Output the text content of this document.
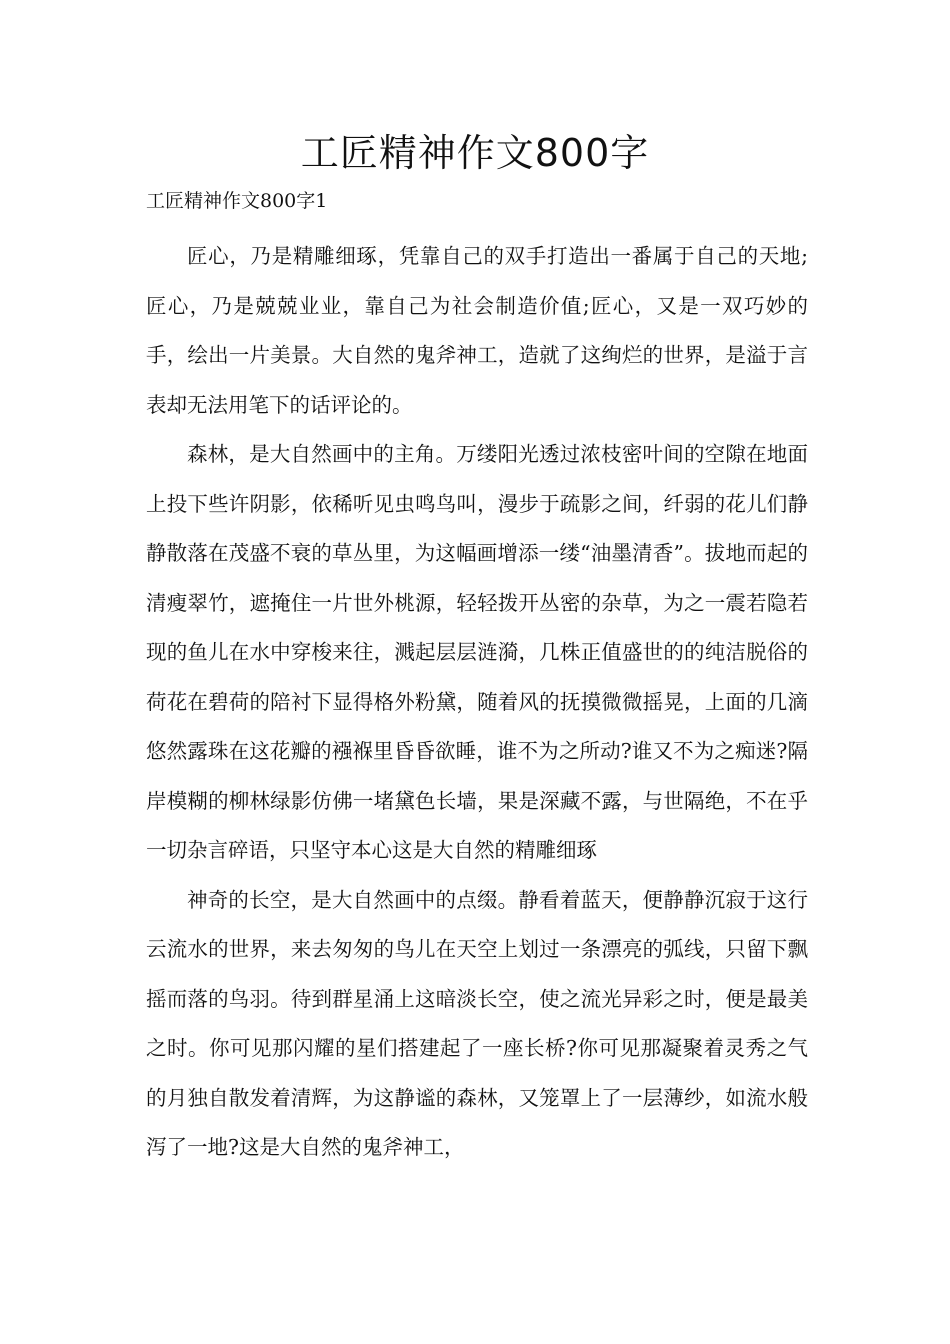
工匠精神作文800字
工匠精神作文800字1

匠心，乃是精雕细琢，凭靠自己的双手打造出一番属于自己的天地;匠心，乃是兢兢业业，靠自己为社会制造价值;匠心，又是一双巧妙的手，绘出一片美景。大自然的鬼斧神工，造就了这绚烂的世界，是溢于言表却无法用笔下的话评论的。

森林，是大自然画中的主角。万缕阳光透过浓枝密叶间的空隙在地面上投下些许阴影，依稀听见虫鸣鸟叫，漫步于疏影之间，纤弱的花儿们静静散落在茂盛不衰的草丛里，为这幅画增添一缕“油墨清香”。拔地而起的清瘦翠竹，遮掩住一片世外桃源，轻轻拨开丛密的杂草，为之一震若隐若现的鱼儿在水中穿梭来往，溅起层层涟漪，几株正值盛世的的纯洁脱俗的荷花在碧荷的陪衬下显得格外粉黛，随着风的抚摸微微摇晃，上面的几滴悠然露珠在这花瓣的襁褓里昏昏欲睡，谁不为之所动?谁又不为之痴迷?隔岸模糊的柳林绿影仿佛一堵黛色长墙，果是深藏不露，与世隔绝，不在乎一切杂言碎语，只坚守本心这是大自然的精雕细琢

神奇的长空，是大自然画中的点缀。静看着蓝天，便静静沉寂于这行云流水的世界，来去匆匆的鸟儿在天空上划过一条漂亮的弧线，只留下飘摇而落的鸟羽。待到群星涌上这暗淡长空，使之流光异彩之时，便是最美之时。你可见那闪耀的星们搭建起了一座长桥?你可见那凝聚着灵秀之气的月独自散发着清辉，为这静谧的森林，又笼罩上了一层薄纱，如流水般泻了一地?这是大自然的鬼斧神工，
